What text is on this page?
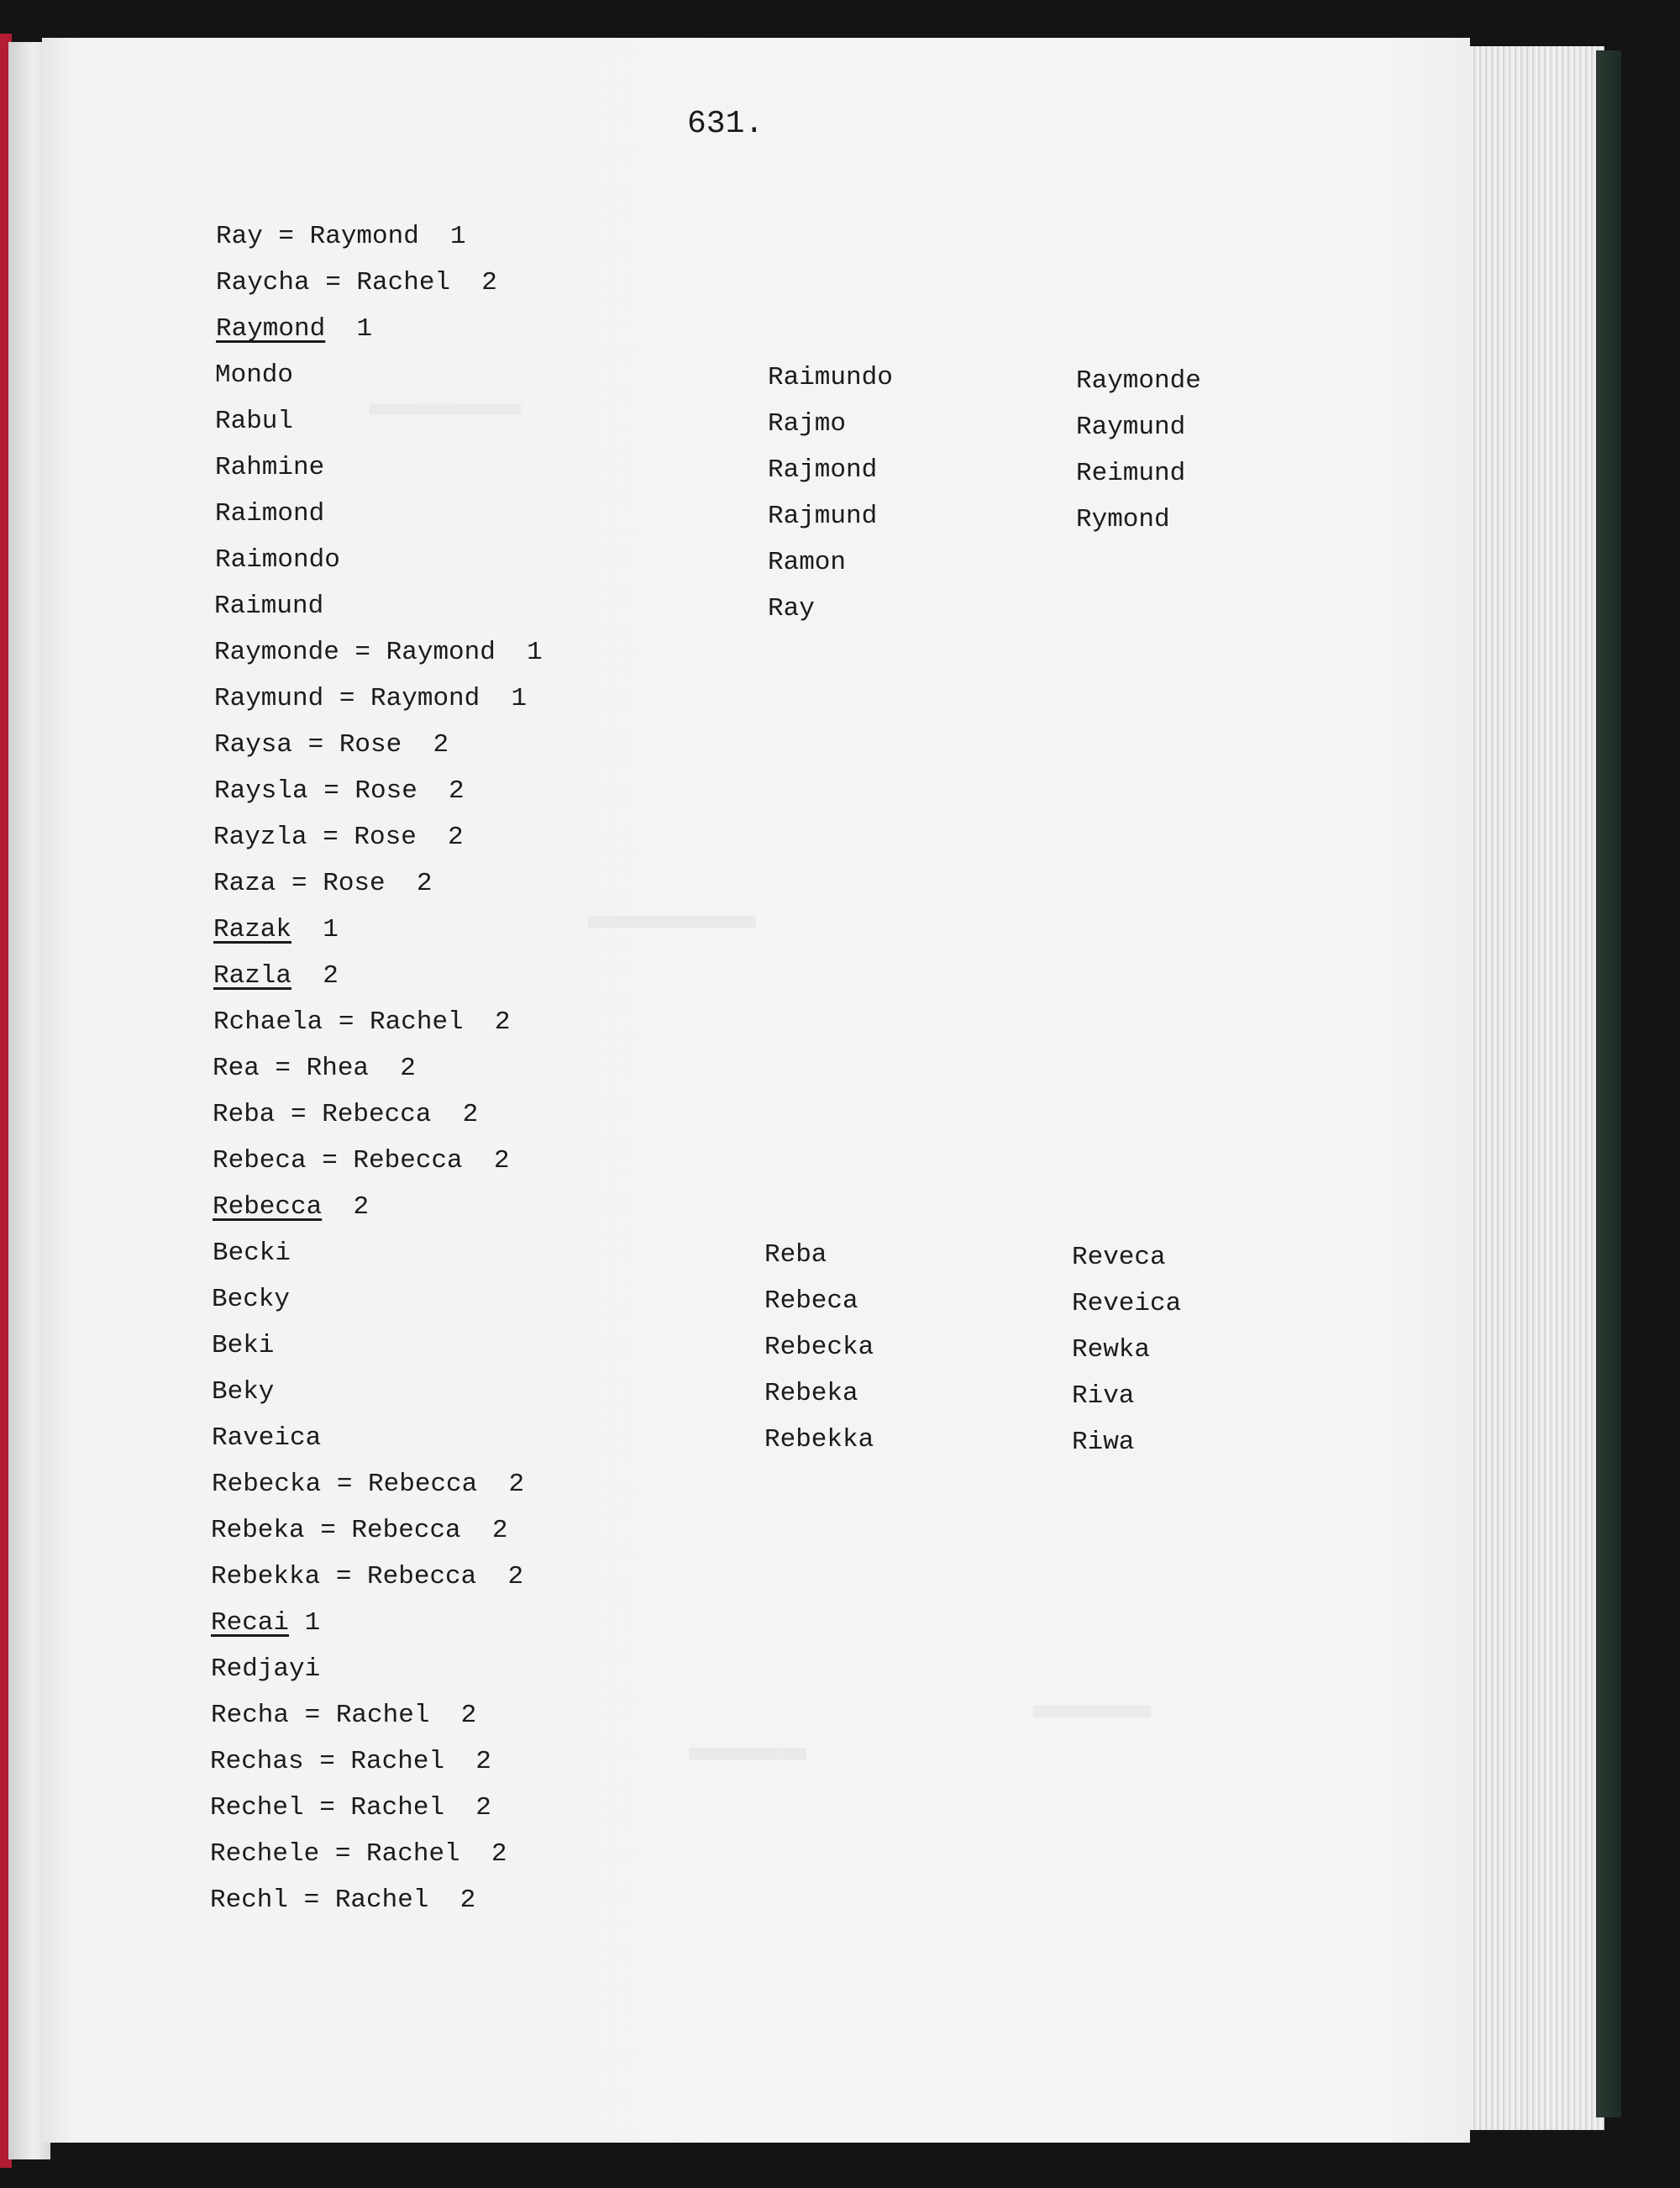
631.
Ray = Raymond  1
Raycha = Rachel  2
Raymond  1
Mondo
Rabul
Rahmine
Raimond
Raimondo
Raimund
Raymonde = Raymond  1
Raymund = Raymond  1
Raysa = Rose  2
Raysla = Rose  2
Rayzla = Rose  2
Raza = Rose  2
Razak  1
Razla  2
Rchaela = Rachel  2
Rea = Rhea  2
Reba = Rebecca  2
Rebeca = Rebecca  2
Rebecca  2
Becki
Becky
Beki
Beky
Raveica
Rebecka = Rebecca  2
Rebeka = Rebecca  2
Rebekka = Rebecca  2
Recai 1
Redjayi
Recha = Rachel  2
Rechas = Rachel  2
Rechel = Rachel  2
Rechele = Rachel  2
Rechl = Rachel  2
Raimundo
Rajmo
Rajmond
Rajmund
Ramon
Ray
Raymonde
Raymund
Reimund
Rymond
Reba
Rebeca
Rebecka
Rebeka
Rebekka
Reveca
Reveica
Rewka
Riva
Riwa
